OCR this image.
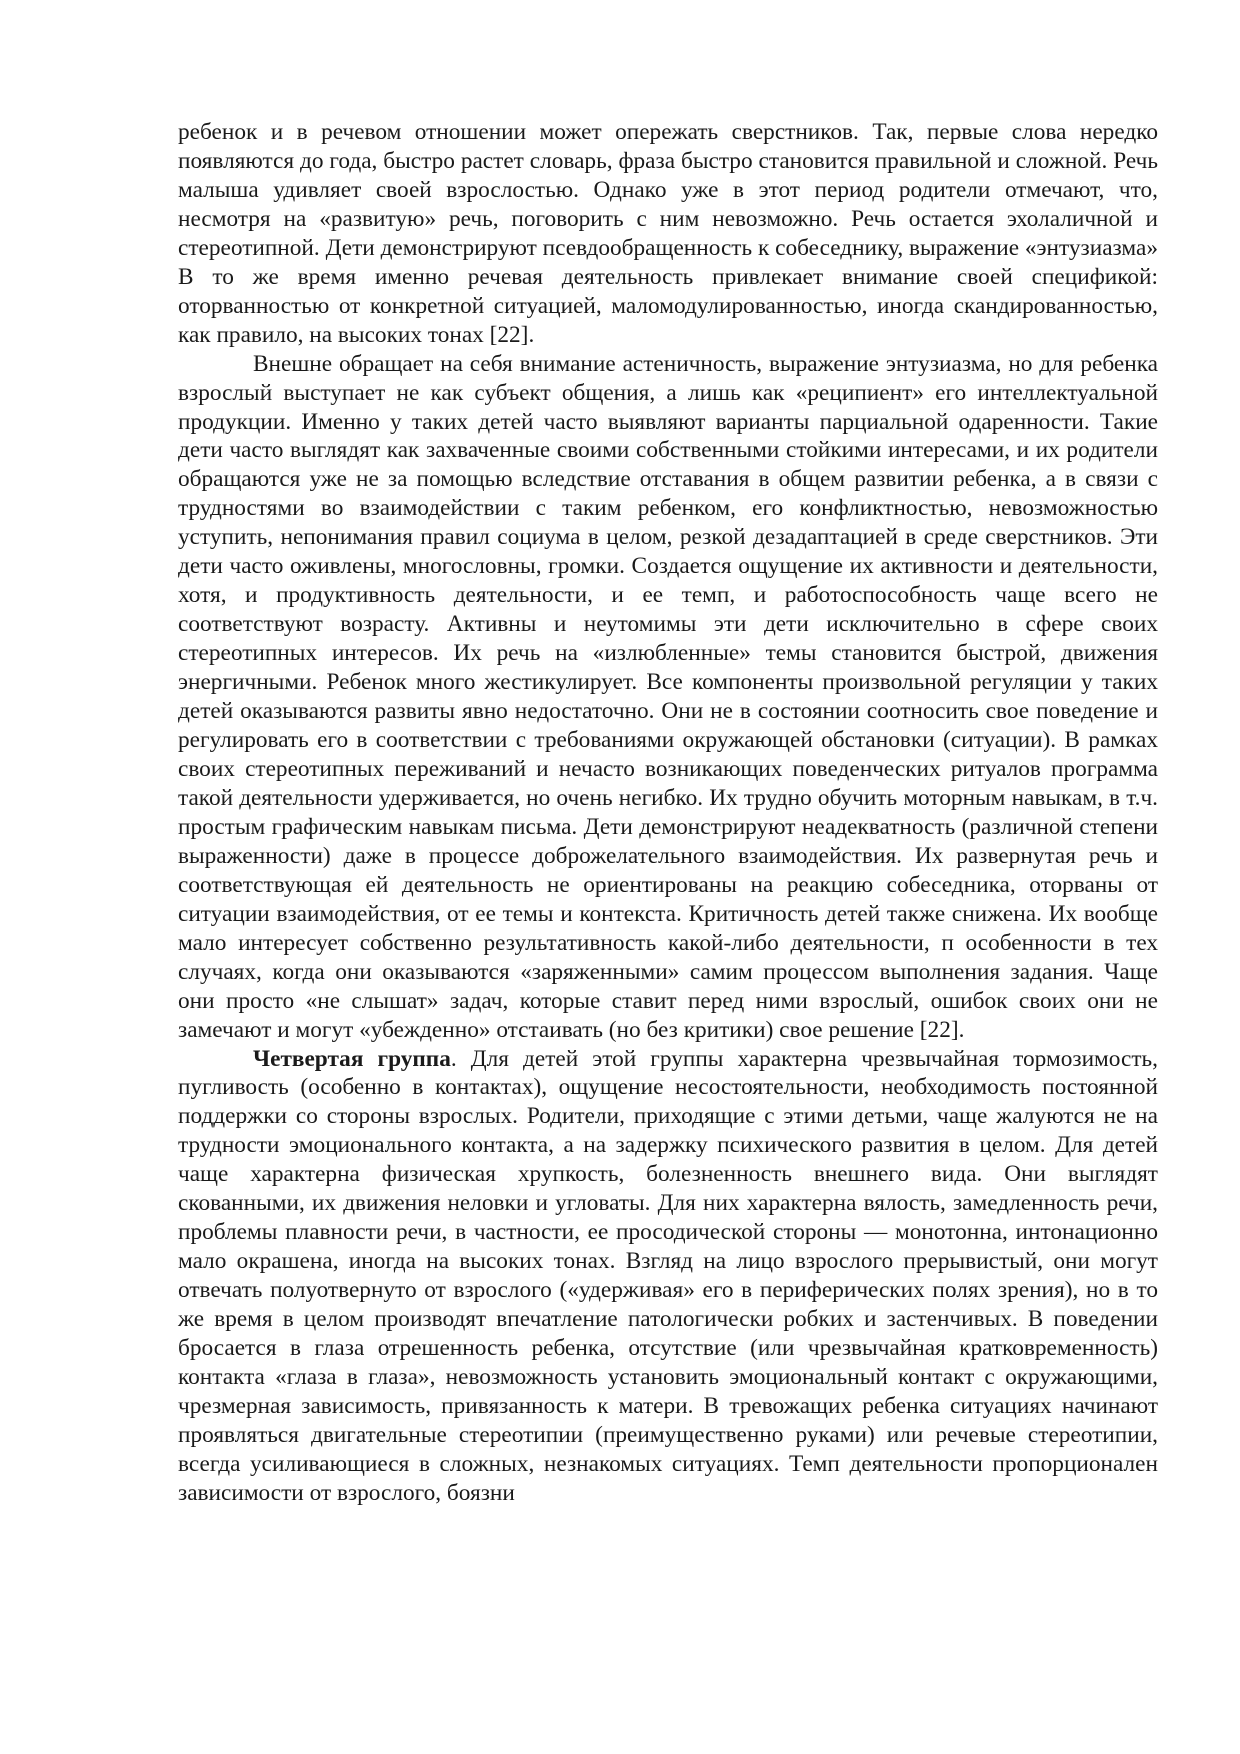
ребенок и в речевом отношении может опережать сверстников. Так, первые слова нередко появляются до года, быстро растет словарь, фраза быстро становится правильной и сложной. Речь малыша удивляет своей взрослостью. Однако уже в этот период родители отмечают, что, несмотря на «развитую» речь, поговорить с ним невозможно. Речь остается эхолаличной и стереотипной. Дети демонстрируют псевдообращенность к собеседнику, выражение «энтузиазма» В то же время именно речевая деятельность привлекает внимание своей спецификой: оторванностью от конкретной ситуацией, маломодулированностью, иногда скандированностью, как правило, на высоких тонах [22].

Внешне обращает на себя внимание астеничность, выражение энтузиазма, но для ребенка взрослый выступает не как субъект общения, а лишь как «реципиент» его интеллектуальной продукции. Именно у таких детей часто выявляют варианты парциальной одаренности. Такие дети часто выглядят как захваченные своими собственными стойкими интересами, и их родители обращаются уже не за помощью вследствие отставания в общем развитии ребенка, а в связи с трудностями во взаимодействии с таким ребенком, его конфликтностью, невозможностью уступить, непонимания правил социума в целом, резкой дезадаптацией в среде сверстников. Эти дети часто оживлены, многословны, громки. Создается ощущение их активности и деятельности, хотя, и продуктивность деятельности, и ее темп, и работоспособность чаще всего не соответствуют возрасту. Активны и неутомимы эти дети исключительно в сфере своих стереотипных интересов. Их речь на «излюбленные» темы становится быстрой, движения энергичными. Ребенок много жестикулирует. Все компоненты произвольной регуляции у таких детей оказываются развиты явно недостаточно. Они не в состоянии соотносить свое поведение и регулировать его в соответствии с требованиями окружающей обстановки (ситуации). В рамках своих стереотипных переживаний и нечасто возникающих поведенческих ритуалов программа такой деятельности удерживается, но очень негибко. Их трудно обучить моторным навыкам, в т.ч. простым графическим навыкам письма. Дети демонстрируют неадекватность (различной степени выраженности) даже в процессе доброжелательного взаимодействия. Их развернутая речь и соответствующая ей деятельность не ориентированы на реакцию собеседника, оторваны от ситуации взаимодействия, от ее темы и контекста. Критичность детей также снижена. Их вообще мало интересует собственно результативность какой-либо деятельности, п особенности в тех случаях, когда они оказываются «заряженными» самим процессом выполнения задания. Чаще они просто «не слышат» задач, которые ставит перед ними взрослый, ошибок своих они не замечают и могут «убежденно» отстаивать (но без критики) свое решение [22].

Четвертая группа. Для детей этой группы характерна чрезвычайная тормозимость, пугливость (особенно в контактах), ощущение несостоятельности, необходимость постоянной поддержки со стороны взрослых. Родители, приходящие с этими детьми, чаще жалуются не на трудности эмоционального контакта, а на задержку психического развития в целом. Для детей чаще характерна физическая хрупкость, болезненность внешнего вида. Они выглядят скованными, их движения неловки и угловаты. Для них характерна вялость, замедленность речи, проблемы плавности речи, в частности, ее просодической стороны — монотонна, интонационно мало окрашена, иногда на высоких тонах. Взгляд на лицо взрослого прерывистый, они могут отвечать полуотвернуто от взрослого («удерживая» его в периферических полях зрения), но в то же время в целом производят впечатление патологически робких и застенчивых. В поведении бросается в глаза отрешенность ребенка, отсутствие (или чрезвычайная кратковременность) контакта «глаза в глаза», невозможность установить эмоциональный контакт с окружающими, чрезмерная зависимость, привязанность к матери. В тревожащих ребенка ситуациях начинают проявляться двигательные стереотипии (преимущественно руками) или речевые стереотипии, всегда усиливающиеся в сложных, незнакомых ситуациях. Темп деятельности пропорционален зависимости от взрослого, боязни
